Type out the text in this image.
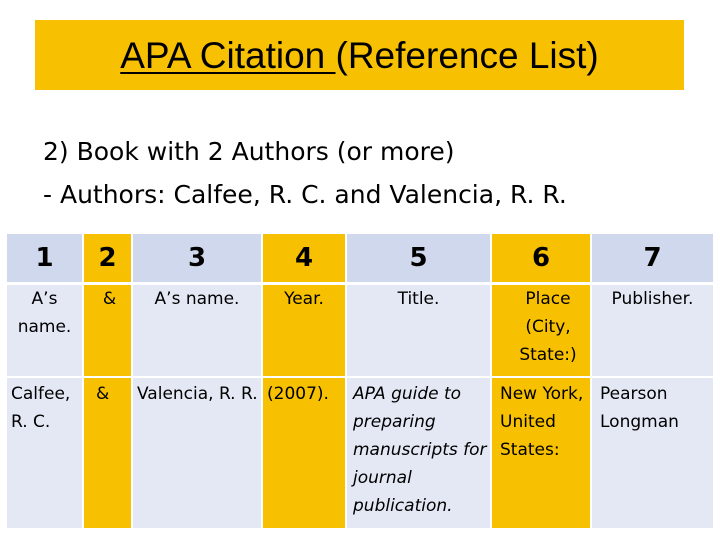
APA Citation (Reference List)
2) Book with 2 Authors (or more)
- Authors: Calfee, R. C. and Valencia, R. R.
1	2	3	4	5	6	7
A’s name.	&	A’s name.	Year.	Title.	Place (City, State:)	Publisher.
Calfee, R. C.	&	Valencia, R. R.	(2007).	APA guide to preparing manuscripts for journal publication.	New York, United States:	Pearson Longman
